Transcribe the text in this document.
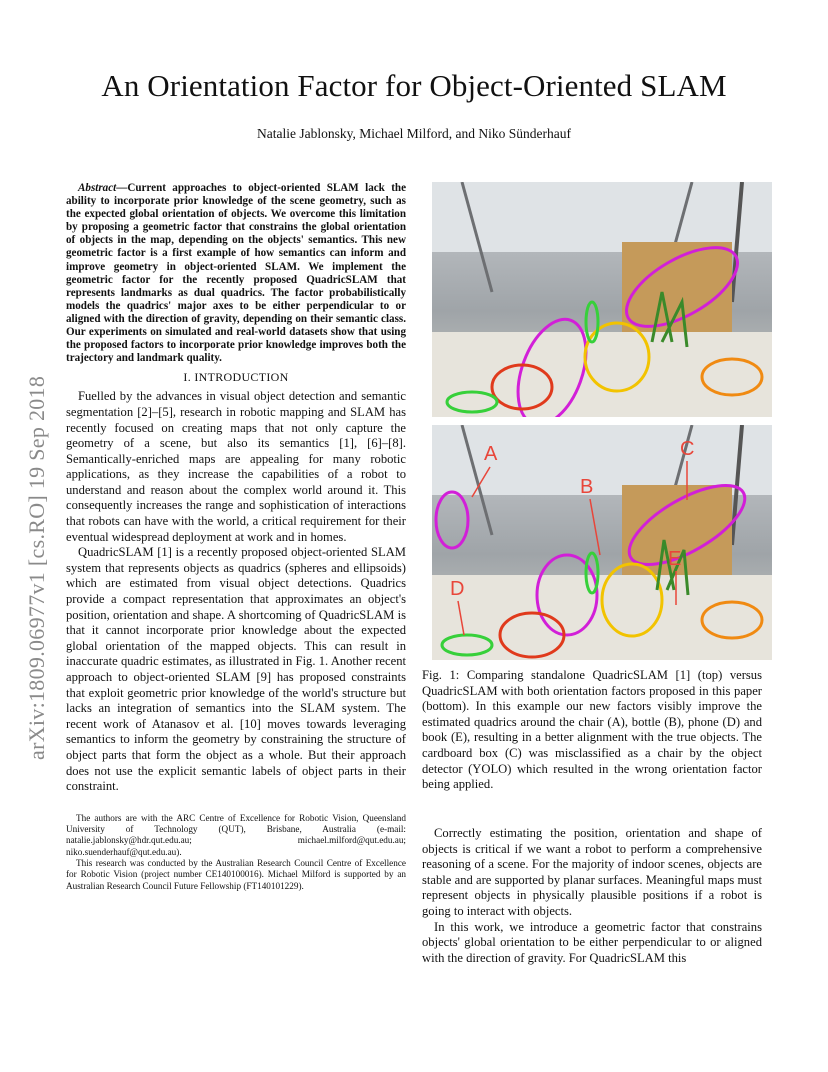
An Orientation Factor for Object-Oriented SLAM
Natalie Jablonsky, Michael Milford, and Niko Sünderhauf
arXiv:1809.06977v1 [cs.RO] 19 Sep 2018

Abstract—Current approaches to object-oriented SLAM lack the ability to incorporate prior knowledge of the scene geometry, such as the expected global orientation of objects. We overcome this limitation by proposing a geometric factor that constrains the global orientation of objects in the map, depending on the objects' semantics. This new geometric factor is a first example of how semantics can inform and improve geometry in object-oriented SLAM. We implement the geometric factor for the recently proposed QuadricSLAM that represents landmarks as dual quadrics. The factor probabilistically models the quadrics' major axes to be either perpendicular to or aligned with the direction of gravity, depending on their semantic class. Our experiments on simulated and real-world datasets show that using the proposed factors to incorporate prior knowledge improves both the trajectory and landmark quality.

I. INTRODUCTION

Fuelled by the advances in visual object detection and semantic segmentation [2]–[5], research in robotic mapping and SLAM has recently focused on creating maps that not only capture the geometry of a scene, but also its semantics [1], [6]–[8]. Semantically-enriched maps are appealing for many robotic applications, as they increase the capabilities of a robot to understand and reason about the complex world around it. This consequently increases the range and sophistication of interactions that robots can have with the world, a critical requirement for their eventual widespread deployment at work and in homes.

QuadricSLAM [1] is a recently proposed object-oriented SLAM system that represents objects as quadrics (spheres and ellipsoids) which are estimated from visual object detections. Quadrics provide a compact representation that approximates an object's position, orientation and shape. A shortcoming of QuadricSLAM is that it cannot incorporate prior knowledge about the expected global orientation of the mapped objects. This can result in inaccurate quadric estimates, as illustrated in Fig. 1. Another recent approach to object-oriented SLAM [9] has proposed constraints that exploit geometric prior knowledge of the world's structure but lacks an integration of semantics into the SLAM system. The recent work of Atanasov et al. [10] moves towards leveraging semantics to inform the geometry by constraining the structure of object parts that form the object as a whole. But their approach does not use the explicit semantic labels of object parts in their constraint.

The authors are with the ARC Centre of Excellence for Robotic Vision, Queensland University of Technology (QUT), Brisbane, Australia (e-mail: natalie.jablonsky@hdr.qut.edu.au; michael.milford@qut.edu.au; niko.suenderhauf@qut.edu.au).

This research was conducted by the Australian Research Council Centre of Excellence for Robotic Vision (project number CE140100016). Michael Milford is supported by an Australian Research Council Future Fellowship (FT140101229).

A
B
C
D
E

Fig. 1: Comparing standalone QuadricSLAM [1] (top) versus QuadricSLAM with both orientation factors proposed in this paper (bottom). In this example our new factors visibly improve the estimated quadrics around the chair (A), bottle (B), phone (D) and book (E), resulting in a better alignment with the true objects. The cardboard box (C) was misclassified as a chair by the object detector (YOLO) which resulted in the wrong orientation factor being applied.

Correctly estimating the position, orientation and shape of objects is critical if we want a robot to perform a comprehensive reasoning of a scene. For the majority of indoor scenes, objects are stable and are supported by planar surfaces. Meaningful maps must represent objects in physically plausible positions if a robot is going to interact with objects.

In this work, we introduce a geometric factor that constrains objects' global orientation to be either perpendicular to or aligned with the direction of gravity. For QuadricSLAM this
